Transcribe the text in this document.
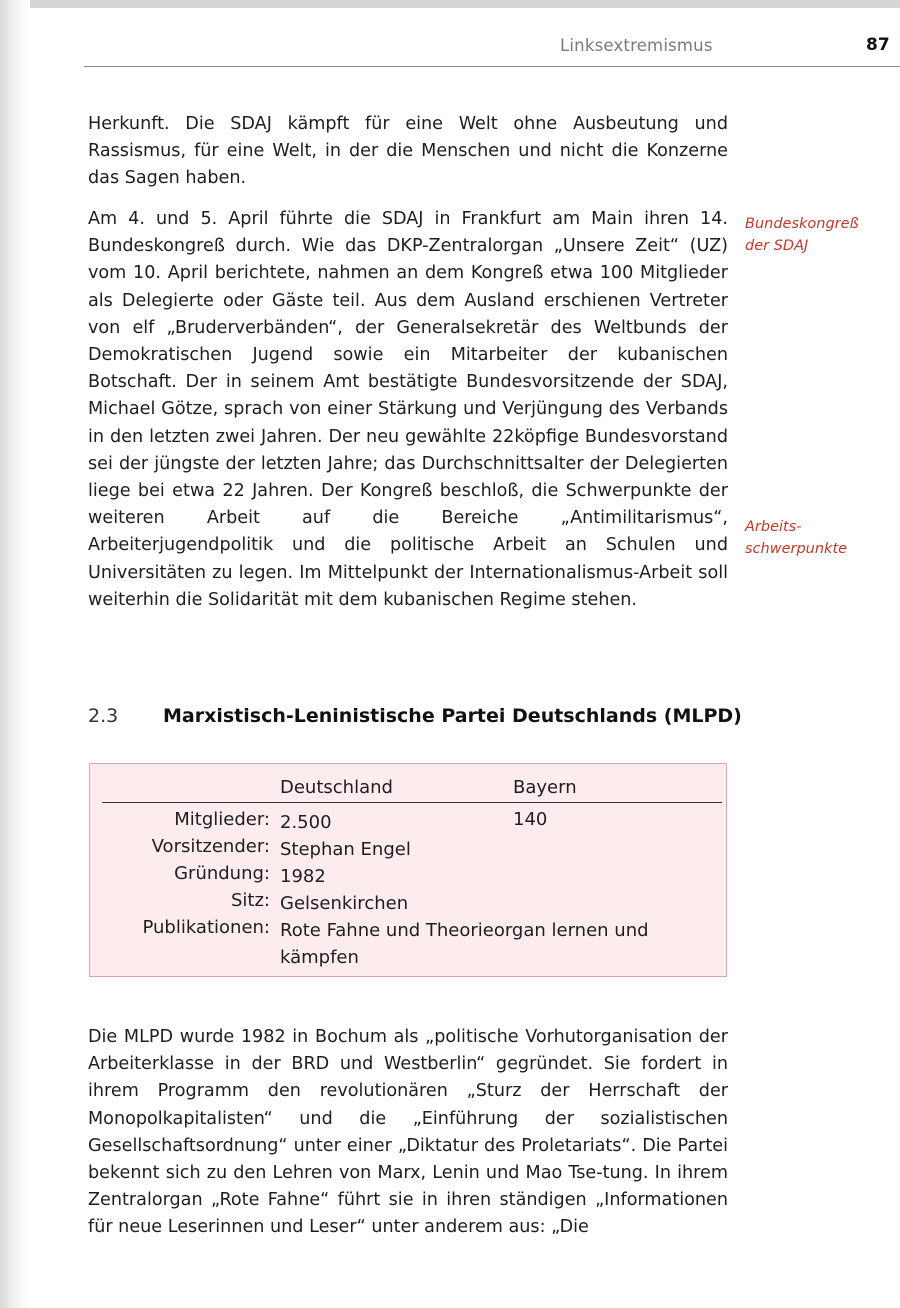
Linksextremismus	87

Herkunft. Die SDAJ kämpft für eine Welt ohne Ausbeutung und Rassismus, für eine Welt, in der die Menschen und nicht die Konzerne das Sagen haben.

Am 4. und 5. April führte die SDAJ in Frankfurt am Main ihren 14. Bundeskongreß durch. Wie das DKP-Zentralorgan „Unsere Zeit“ (UZ) vom 10. April berichtete, nahmen an dem Kongreß etwa 100 Mitglieder als Delegierte oder Gäste teil. Aus dem Ausland erschienen Vertreter von elf „Bruderverbänden“, der Generalsekretär des Weltbunds der Demokratischen Jugend sowie ein Mitarbeiter der kubanischen Botschaft. Der in seinem Amt bestätigte Bundesvorsitzende der SDAJ, Michael Götze, sprach von einer Stärkung und Verjüngung des Verbands in den letzten zwei Jahren. Der neu gewählte 22köpfige Bundesvorstand sei der jüngste der letzten Jahre; das Durchschnittsalter der Delegierten liege bei etwa 22 Jahren. Der Kongreß beschloß, die Schwerpunkte der weiteren Arbeit auf die Bereiche „Antimilitarismus“, Arbeiterjugendpolitik und die politische Arbeit an Schulen und Universitäten zu legen. Im Mittelpunkt der Internationalismus-Arbeit soll weiterhin die Solidarität mit dem kubanischen Regime stehen.

Bundeskongreß
der SDAJ
Arbeits-
schwerpunkte
2.3 Marxistisch-Leninistische Partei Deutschlands (MLPD)
Deutschland	Bayern
Mitglieder: 2.500	140
Vorsitzender: Stephan Engel
Gründung: 1982
Sitz: Gelsenkirchen
Publikationen: Rote Fahne und Theorieorgan lernen und kämpfen

Die MLPD wurde 1982 in Bochum als „politische Vorhutorganisation der Arbeiterklasse in der BRD und Westberlin“ gegründet. Sie fordert in ihrem Programm den revolutionären „Sturz der Herrschaft der Monopolkapitalisten“ und die „Einführung der sozialistischen Gesellschaftsordnung“ unter einer „Diktatur des Proletariats“. Die Partei bekennt sich zu den Lehren von Marx, Lenin und Mao Tse-tung. In ihrem Zentralorgan „Rote Fahne“ führt sie in ihren ständigen „Informationen für neue Leserinnen und Leser“ unter anderem aus: „Die
